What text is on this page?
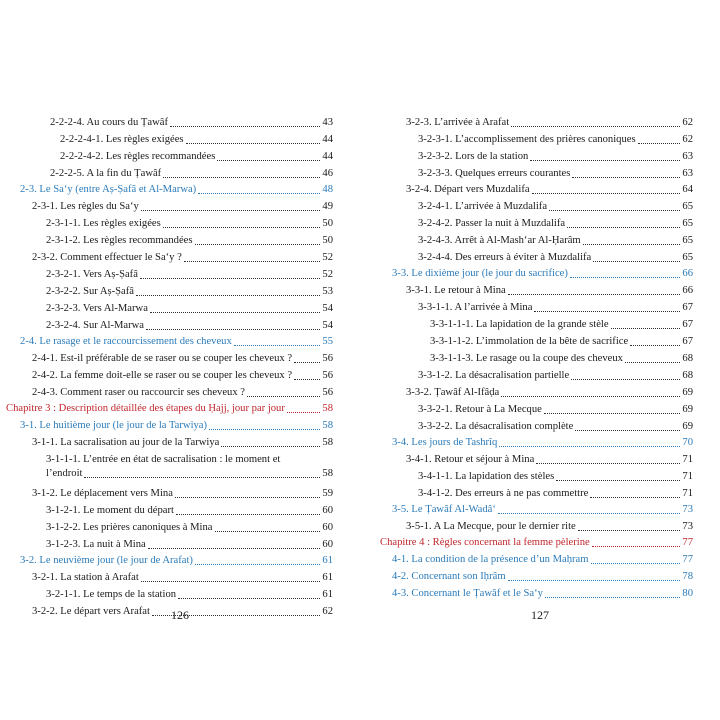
2-2-2-4. Au cours du Ṭawâf	43
2-2-2-4-1. Les règles exigées	44
2-2-2-4-2. Les règles recommandées	44
2-2-2-5. A la fin du Ṭawâf	46
2-3. Le Sa‘y (entre Aṣ-Ṣafâ et Al-Marwa)	48
2-3-1. Les règles du Sa‘y	49
2-3-1-1. Les règles exigées	50
2-3-1-2. Les règles recommandées	50
2-3-2. Comment effectuer le Sa‘y ?	52
2-3-2-1. Vers Aṣ-Ṣafâ	52
2-3-2-2. Sur Aṣ-Ṣafâ	53
2-3-2-3. Vers Al-Marwa	54
2-3-2-4. Sur Al-Marwa	54
2-4. Le rasage et le raccourcissement des cheveux	55
2-4-1. Est-il préférable de se raser ou se couper les cheveux ?	56
2-4-2. La femme doit-elle se raser ou se couper les cheveux ?	56
2-4-3. Comment raser ou raccourcir ses cheveux ?	56
Chapitre 3 : Description détaillée des étapes du Ḥajj, jour par jour	58
3-1. Le huitième jour (le jour de la Tarwiya)	58
3-1-1. La sacralisation au jour de la Tarwiya	58
3-1-1-1. L’entrée en état de sacralisation : le moment et
l’endroit	58
3-1-2. Le déplacement vers Mina	59
3-1-2-1. Le moment du départ	60
3-1-2-2. Les prières canoniques à Mina	60
3-1-2-3. La nuit à Mina	60
3-2. Le neuvième jour (le jour de Arafat)	61
3-2-1. La station à Arafat	61
3-2-1-1. Le temps de la station	61
3-2-2. Le départ vers Arafat	62
126
3-2-3. L’arrivée à Arafat	62
3-2-3-1. L’accomplissement des prières canoniques	62
3-2-3-2. Lors de la station	63
3-2-3-3. Quelques erreurs courantes	63
3-2-4. Départ vers Muzdalifa	64
3-2-4-1. L’arrivée à Muzdalifa	65
3-2-4-2. Passer la nuit à Muzdalifa	65
3-2-4-3. Arrêt à Al-Mash‘ar Al-Ḥarâm	65
3-2-4-4. Des erreurs à éviter à Muzdalifa	65
3-3. Le dixième jour (le jour du sacrifice)	66
3-3-1. Le retour à Mina	66
3-3-1-1. A l’arrivée à Mina	67
3-3-1-1-1. La lapidation de la grande stèle	67
3-3-1-1-2. L’immolation de la bête de sacrifice	67
3-3-1-1-3. Le rasage ou la coupe des cheveux	68
3-3-1-2. La désacralisation partielle	68
3-3-2. Ṭawâf Al-Ifâḍa	69
3-3-2-1. Retour à La Mecque	69
3-3-2-2. La désacralisation complète	69
3-4. Les jours de Tashrîq	70
3-4-1. Retour et séjour à Mina	71
3-4-1-1. La lapidation des stèles	71
3-4-1-2. Des erreurs à ne pas commettre	71
3-5. Le Ṭawâf Al-Wadâ‘	73
3-5-1. A La Mecque, pour le dernier rite	73
Chapitre 4 : Règles concernant la femme pèlerine	77
4-1. La condition de la présence d’un Maḥram	77
4-2. Concernant son Iḥrâm	78
4-3. Concernant le Ṭawâf et le Sa‘y	80
127
